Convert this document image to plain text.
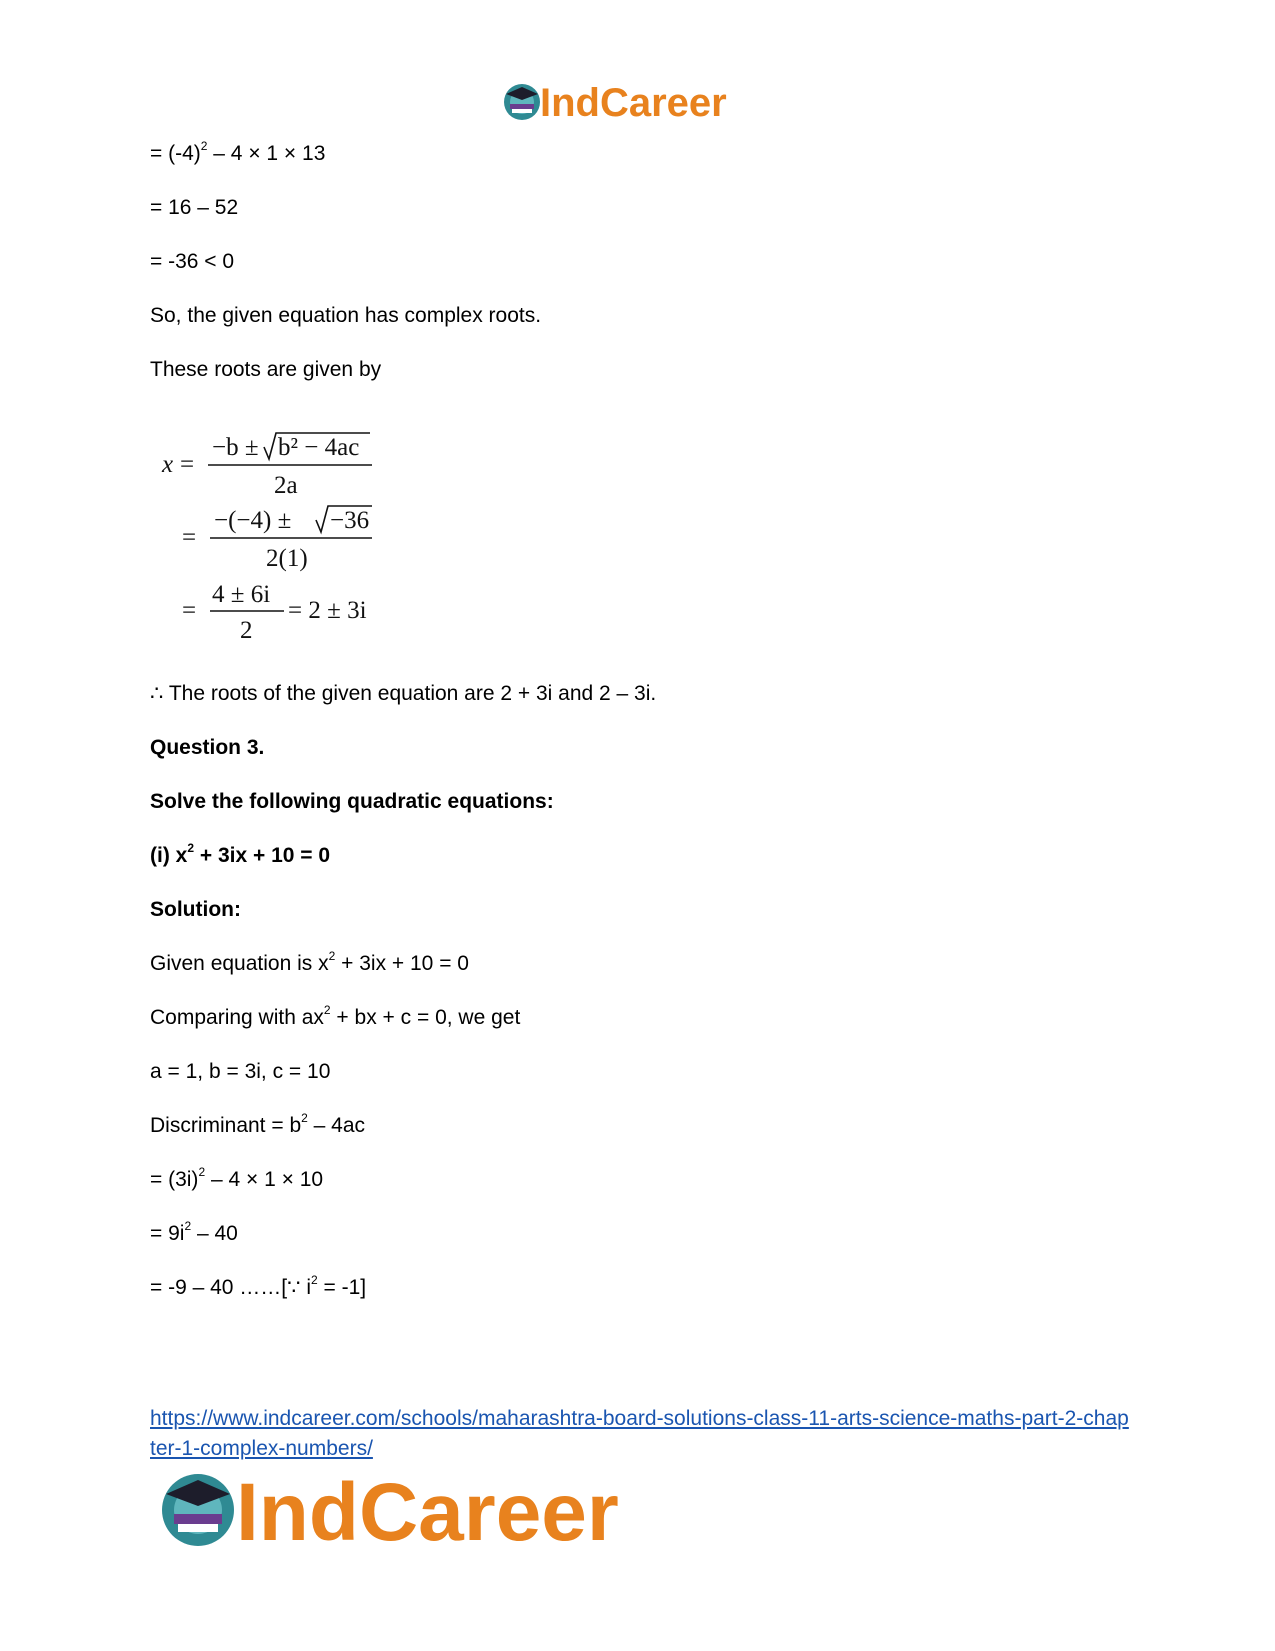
IndCareer
= $(-4)^2 - 4 \times 1 \times 13$
= 16 – 52
= -36 < 0
So, the given equation has complex roots.
These roots are given by
∴ The roots of the given equation are 2 + 3i and 2 – 3i.
Question 3.
Solve the following quadratic equations:
(i) $x^2 + 3ix + 10 = 0$
Solution:
Given equation is $x^2 + 3ix + 10 = 0$
Comparing with $ax^2$ + bx + c = 0, we get
a = 1, b = 3i, c = 10
Discriminant = $b^2 - 4ac$
= $(3i)^2 - 4 \times 1 \times 10$
= $9i^2 - 40$
= -9 – 40 ……[∵ $i^2 = -1$]
x =
−b ± b² − 4ac
2a
=
−(−4) ± −36
2(1)
=
4 ± 6i
2
= 2 ± 3i
https://www.indcareer.com/schools/maharashtra-board-solutions-class-11-arts-science-maths-part-2-chapter-1-complex-numbers/
IndCareer
